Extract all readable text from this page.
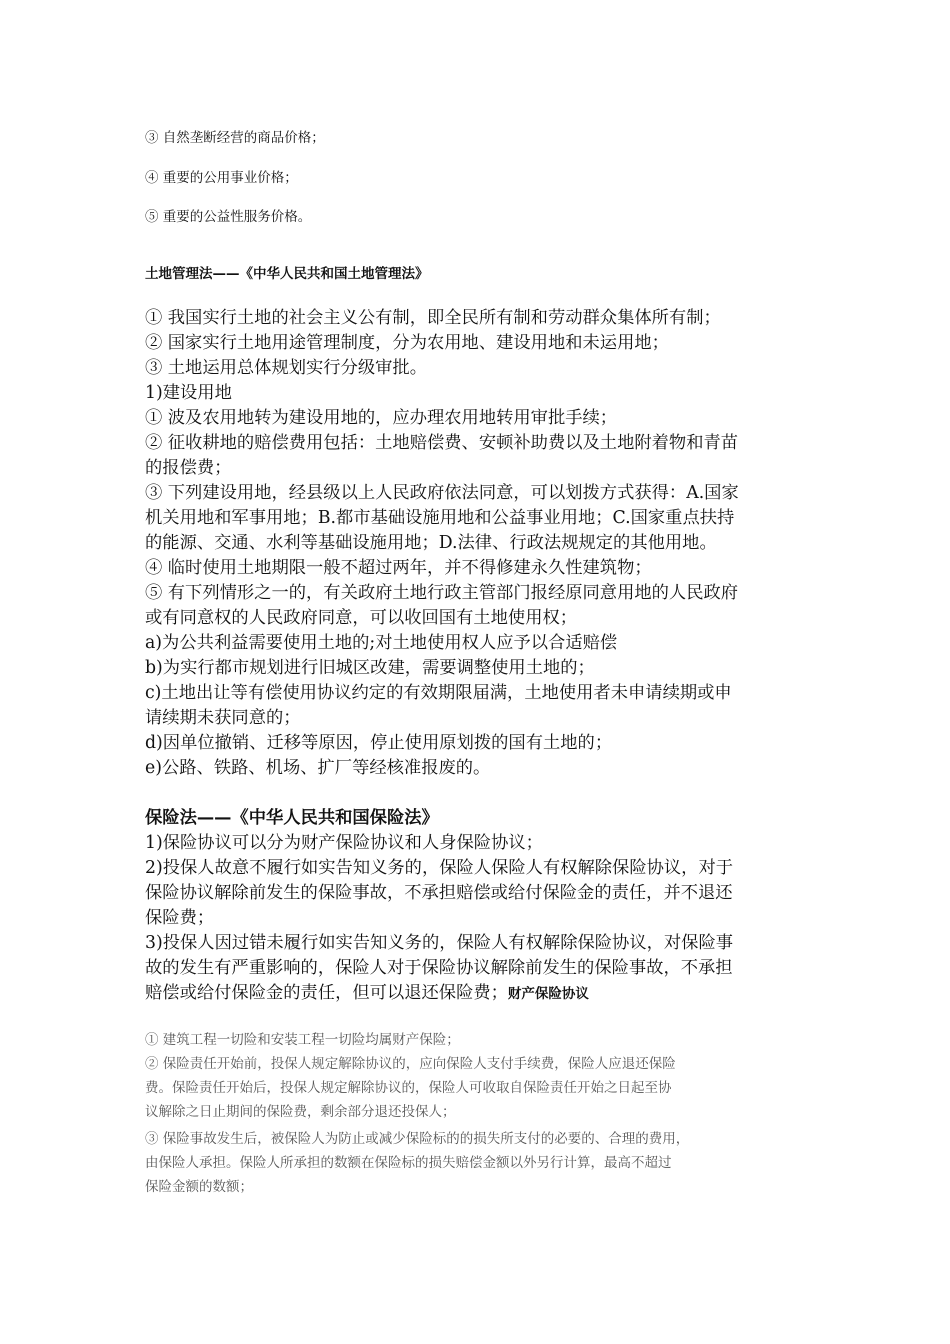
③ 自然垄断经营的商品价格；
④ 重要的公用事业价格；
⑤ 重要的公益性服务价格。
土地管理法——《中华人民共和国土地管理法》
① 我国实行土地的社会主义公有制，即全民所有制和劳动群众集体所有制；
② 国家实行土地用途管理制度，分为农用地、建设用地和未运用地；
③ 土地运用总体规划实行分级审批。
1)建设用地
① 波及农用地转为建设用地的，应办理农用地转用审批手续；
② 征收耕地的赔偿费用包括：土地赔偿费、安顿补助费以及土地附着物和青苗
的报偿费；
③ 下列建设用地，经县级以上人民政府依法同意，可以划拨方式获得：A.国家
机关用地和军事用地；B.都市基础设施用地和公益事业用地；C.国家重点扶持
的能源、交通、水利等基础设施用地；D.法律、行政法规规定的其他用地。
④ 临时使用土地期限一般不超过两年，并不得修建永久性建筑物；
⑤ 有下列情形之一的，有关政府土地行政主管部门报经原同意用地的人民政府
或有同意权的人民政府同意，可以收回国有土地使用权；
a)为公共利益需要使用土地的;对土地使用权人应予以合适赔偿
b)为实行都市规划进行旧城区改建，需要调整使用土地的；
c)土地出让等有偿使用协议约定的有效期限届满，土地使用者未申请续期或申
请续期未获同意的；
d)因单位撤销、迁移等原因，停止使用原划拨的国有土地的；
e)公路、铁路、机场、扩厂等经核准报废的。
保险法——《中华人民共和国保险法》
1)保险协议可以分为财产保险协议和人身保险协议；
2)投保人故意不履行如实告知义务的，保险人保险人有权解除保险协议，对于
保险协议解除前发生的保险事故，不承担赔偿或给付保险金的责任，并不退还
保险费；
3)投保人因过错未履行如实告知义务的，保险人有权解除保险协议，对保险事
故的发生有严重影响的，保险人对于保险协议解除前发生的保险事故，不承担
赔偿或给付保险金的责任，但可以退还保险费；财产保险协议
① 建筑工程一切险和安装工程一切险均属财产保险；
② 保险责任开始前，投保人规定解除协议的，应向保险人支付手续费，保险人应退还保险
费。保险责任开始后，投保人规定解除协议的，保险人可收取自保险责任开始之日起至协
议解除之日止期间的保险费，剩余部分退还投保人；
③ 保险事故发生后，被保险人为防止或减少保险标的的损失所支付的必要的、合理的费用，
由保险人承担。保险人所承担的数额在保险标的损失赔偿金额以外另行计算，最高不超过
保险金额的数额；
